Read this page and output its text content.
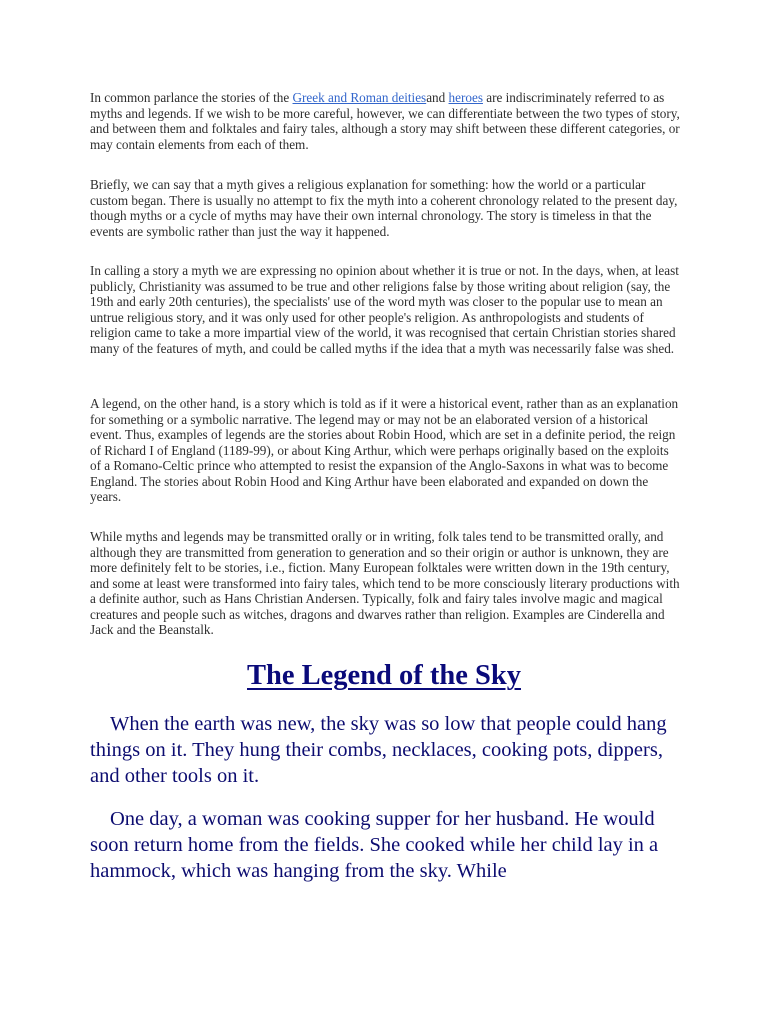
In common parlance the stories of the Greek and Roman deitiesand heroes are indiscriminately referred to as myths and legends. If we wish to be more careful, however, we can differentiate between the two types of story, and between them and folktales and fairy tales, although a story may shift between these different categories, or may contain elements from each of them.

Briefly, we can say that a myth gives a religious explanation for something: how the world or a particular custom began. There is usually no attempt to fix the myth into a coherent chronology related to the present day, though myths or a cycle of myths may have their own internal chronology. The story is timeless in that the events are symbolic rather than just the way it happened.

In calling a story a myth we are expressing no opinion about whether it is true or not. In the days, when, at least publicly, Christianity was assumed to be true and other religions false by those writing about religion (say, the 19th and early 20th centuries), the specialists' use of the word myth was closer to the popular use to mean an untrue religious story, and it was only used for other people's religion. As anthropologists and students of religion came to take a more impartial view of the world, it was recognised that certain Christian stories shared many of the features of myth, and could be called myths if the idea that a myth was necessarily false was shed.

A legend, on the other hand, is a story which is told as if it were a historical event, rather than as an explanation for something or a symbolic narrative. The legend may or may not be an elaborated version of a historical event. Thus, examples of legends are the stories about Robin Hood, which are set in a definite period, the reign of Richard I of England (1189-99), or about King Arthur, which were perhaps originally based on the exploits of a Romano-Celtic prince who attempted to resist the expansion of the Anglo-Saxons in what was to become England. The stories about Robin Hood and King Arthur have been elaborated and expanded on down the years.

While myths and legends may be transmitted orally or in writing, folk tales tend to be transmitted orally, and although they are transmitted from generation to generation and so their origin or author is unknown, they are more definitely felt to be stories, i.e., fiction. Many European folktales were written down in the 19th century, and some at least were transformed into fairy tales, which tend to be more consciously literary productions with a definite author, such as Hans Christian Andersen. Typically, folk and fairy tales involve magic and magical creatures and people such as witches, dragons and dwarves rather than religion. Examples are Cinderella and Jack and the Beanstalk.

The Legend of the Sky

When the earth was new, the sky was so low that people could hang things on it. They hung their combs, necklaces, cooking pots, dippers, and other tools on it.

One day, a woman was cooking supper for her husband. He would soon return home from the fields. She cooked while her child lay in a hammock, which was hanging from the sky. While
